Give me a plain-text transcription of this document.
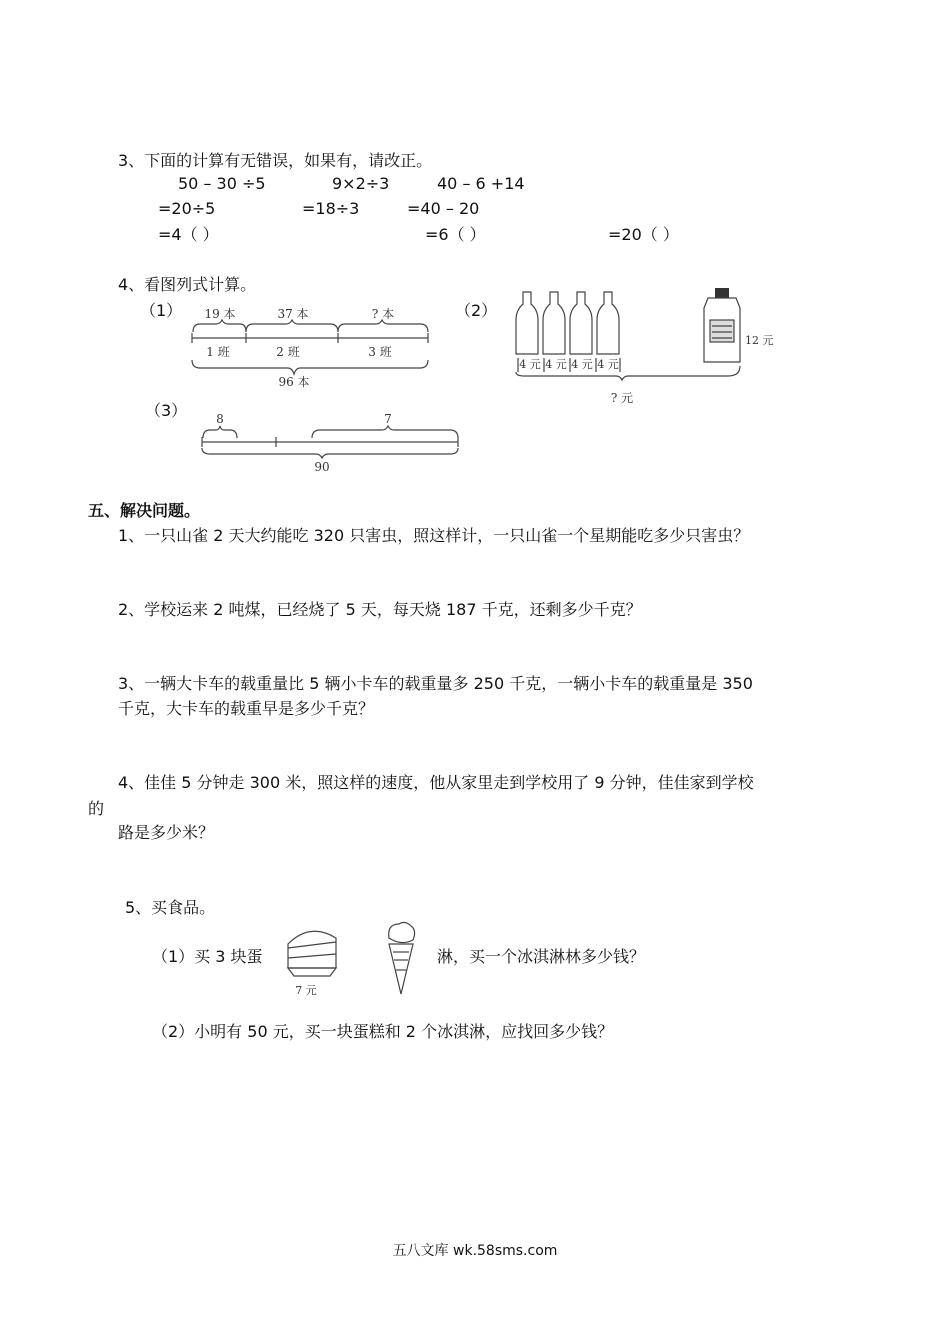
3、下面的计算有无错误，如果有，请改正。
50 – 30 ÷5
=20÷5
=4（ ）
9×2÷3
=18÷3
=6（ ）
40 – 6 +14
=40 – 20
=20（ ）
4、看图列式计算。
（1） 19 本	37 本	? 本
1 班	2 班	3 班
96 本
（2）
4 元 4 元 4 元 4 元
12 元
? 元
（3） 8	7
90
五、解决问题。
1、一只山雀 2 天大约能吃 320 只害虫，照这样计，一只山雀一个星期能吃多少只害虫？
2、学校运来 2 吨煤，已经烧了 5 天，每天烧 187 千克，还剩多少千克？
3、一辆大卡车的载重量比 5 辆小卡车的载重量多 250 千克，一辆小卡车的载重量是 350
千克，大卡车的载重早是多少千克？
4、佳佳 5 分钟走 300 米，照这样的速度，他从家里走到学校用了 9 分钟，佳佳家到学校
的
路是多少米？
5、买食品。
（1）买 3 块蛋
7 元
淋，买一个冰淇淋林多少钱？
（2）小明有 50 元，买一块蛋糕和 2 个冰淇淋，应找回多少钱？
五八文库 wk.58sms.com
